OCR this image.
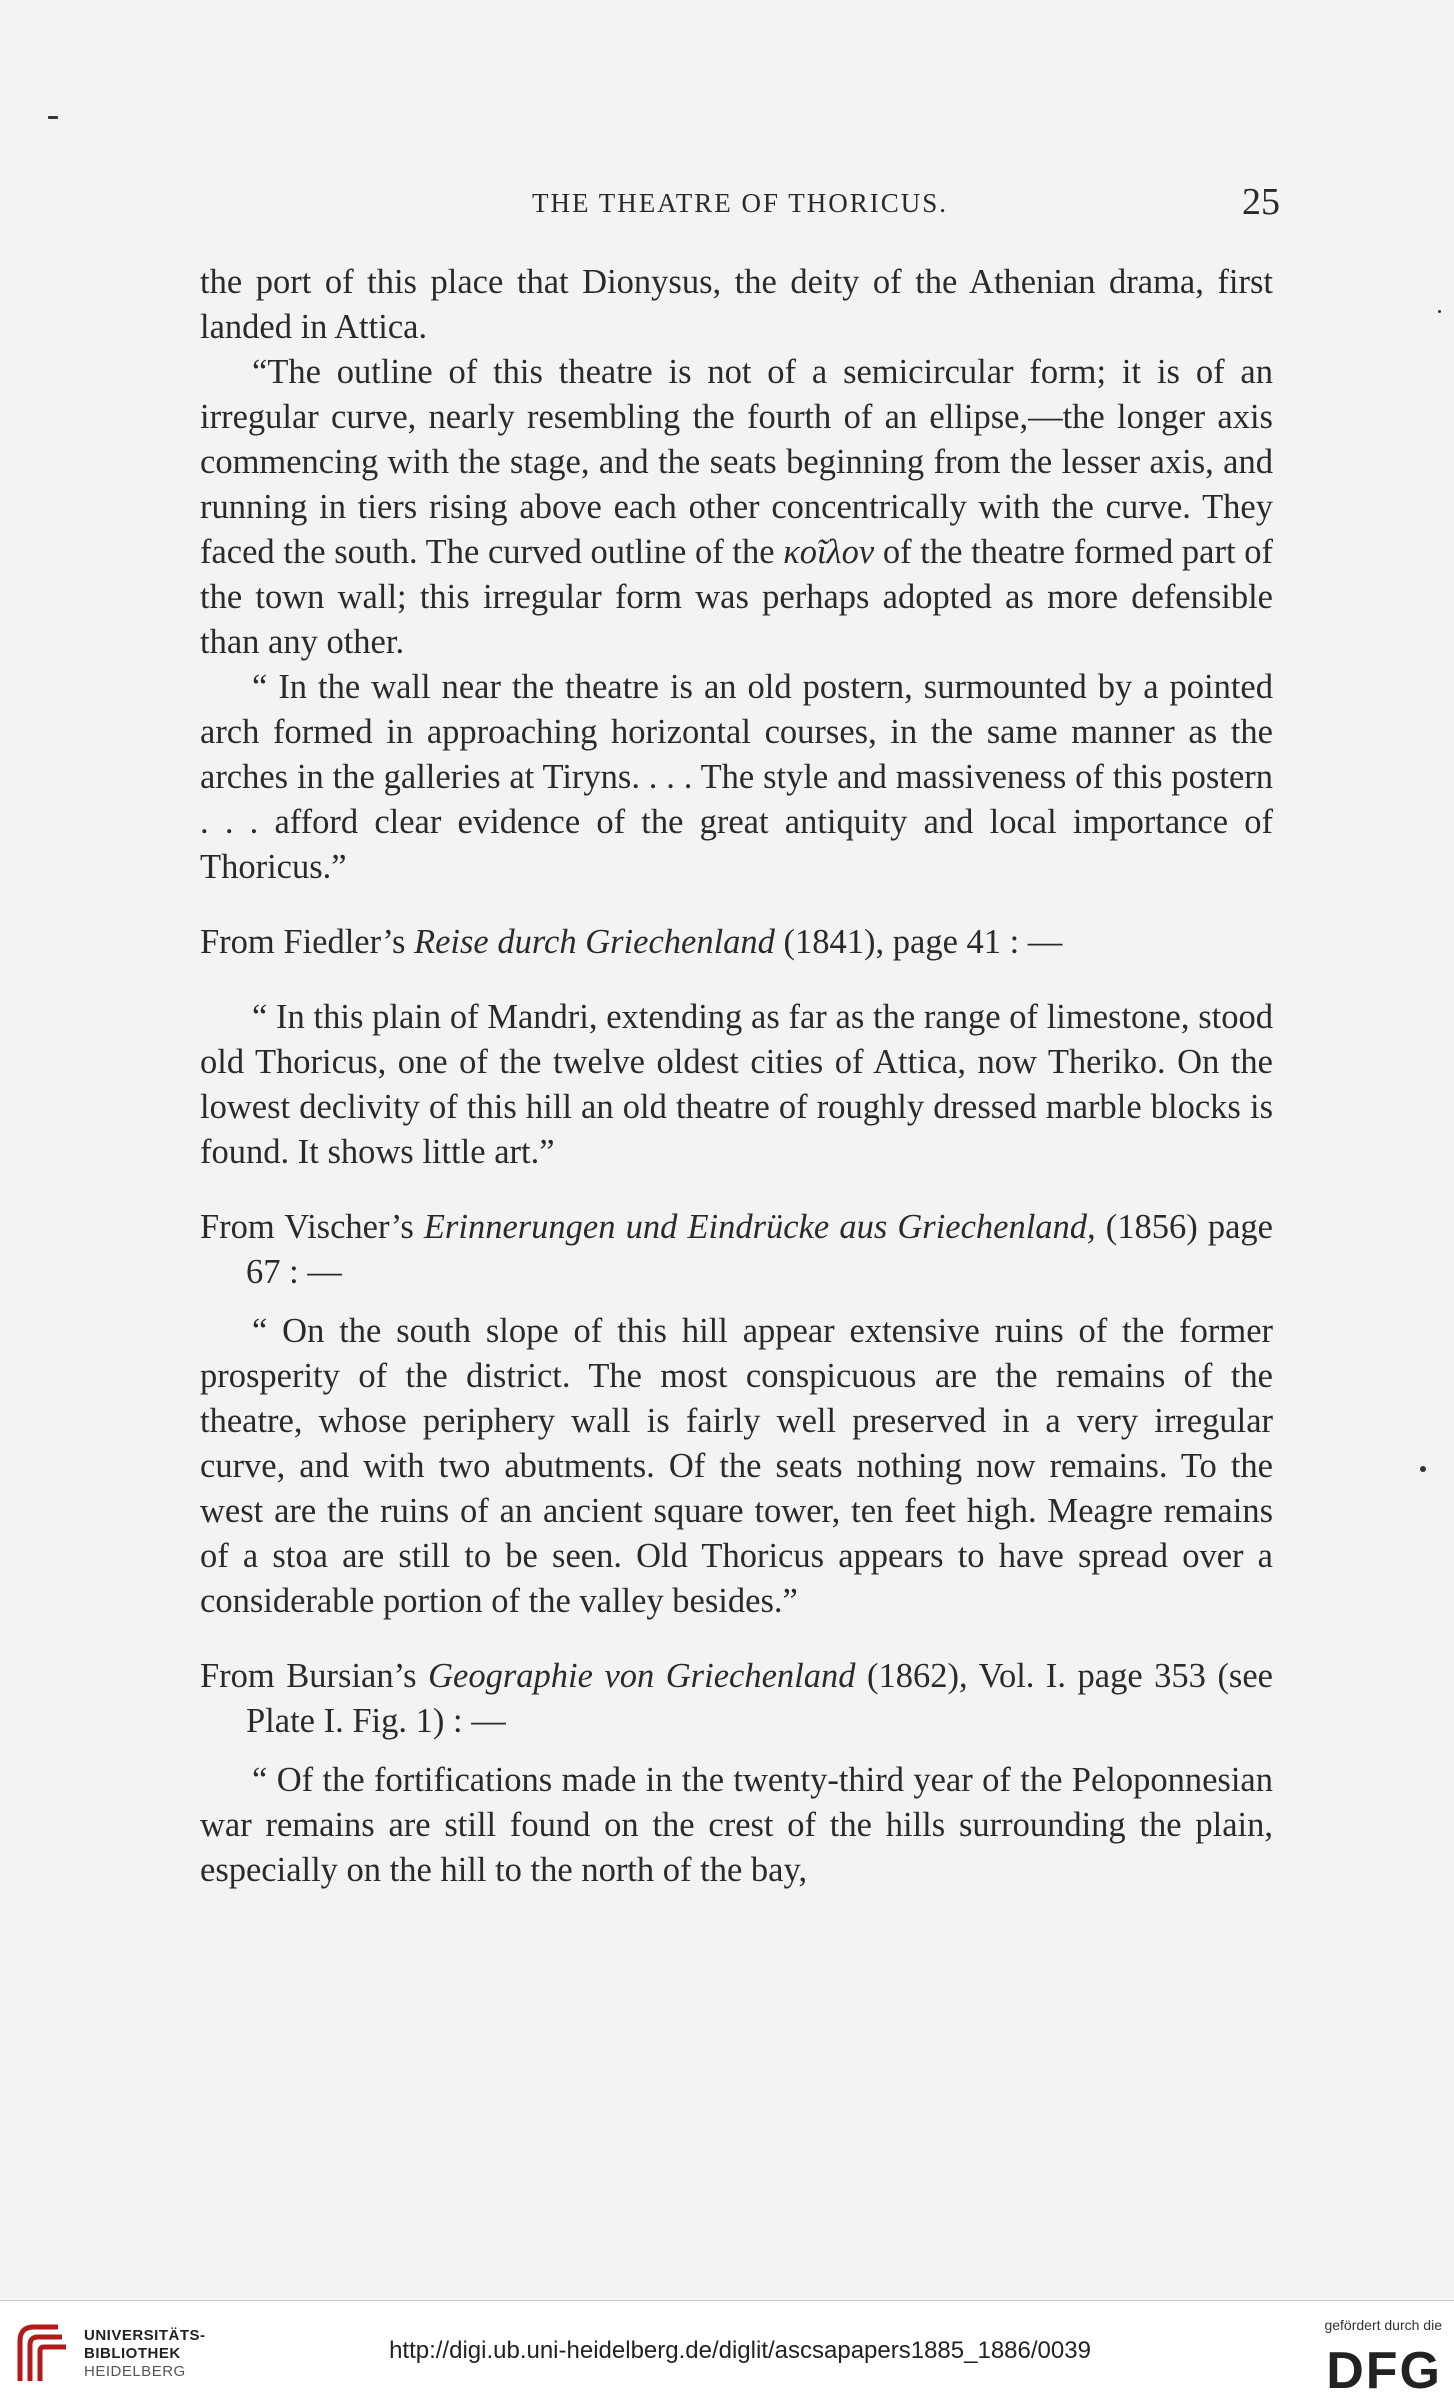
THE THEATRE OF THORICUS.	25

the port of this place that Dionysus, the deity of the Athenian drama, first landed in Attica.

“The outline of this theatre is not of a semicircular form; it is of an irregular curve, nearly resembling the fourth of an ellipse,—the longer axis commencing with the stage, and the seats beginning from the lesser axis, and running in tiers rising above each other concentrically with the curve. They faced the south. The curved outline of the κοῖλον of the theatre formed part of the town wall; this irregular form was perhaps adopted as more defensible than any other.

“ In the wall near the theatre is an old postern, surmounted by a pointed arch formed in approaching horizontal courses, in the same manner as the arches in the galleries at Tiryns. . . . The style and massiveness of this postern . . . afford clear evidence of the great antiquity and local importance of Thoricus.”

From Fiedler’s Reise durch Griechenland (1841), page 41 : —

“ In this plain of Mandri, extending as far as the range of limestone, stood old Thoricus, one of the twelve oldest cities of Attica, now Theriko. On the lowest declivity of this hill an old theatre of roughly dressed marble blocks is found. It shows little art.”

From Vischer’s Erinnerungen und Eindrücke aus Griechenland, (1856) page 67 : —

“ On the south slope of this hill appear extensive ruins of the former prosperity of the district. The most conspicuous are the remains of the theatre, whose periphery wall is fairly well preserved in a very irregular curve, and with two abutments. Of the seats nothing now remains. To the west are the ruins of an ancient square tower, ten feet high. Meagre remains of a stoa are still to be seen. Old Thoricus appears to have spread over a considerable portion of the valley besides.”

From Bursian’s Geographie von Griechenland (1862), Vol. I. page 353 (see Plate I. Fig. 1) : —

“ Of the fortifications made in the twenty-third year of the Peloponnesian war remains are still found on the crest of the hills surrounding the plain, especially on the hill to the north of the bay,

UNIVERSITÄTS-
BIBLIOTHEK
HEIDELBERG
http://digi.ub.uni-heidelberg.de/diglit/ascsapapers1885_1886/0039
gefördert durch die
DFG
